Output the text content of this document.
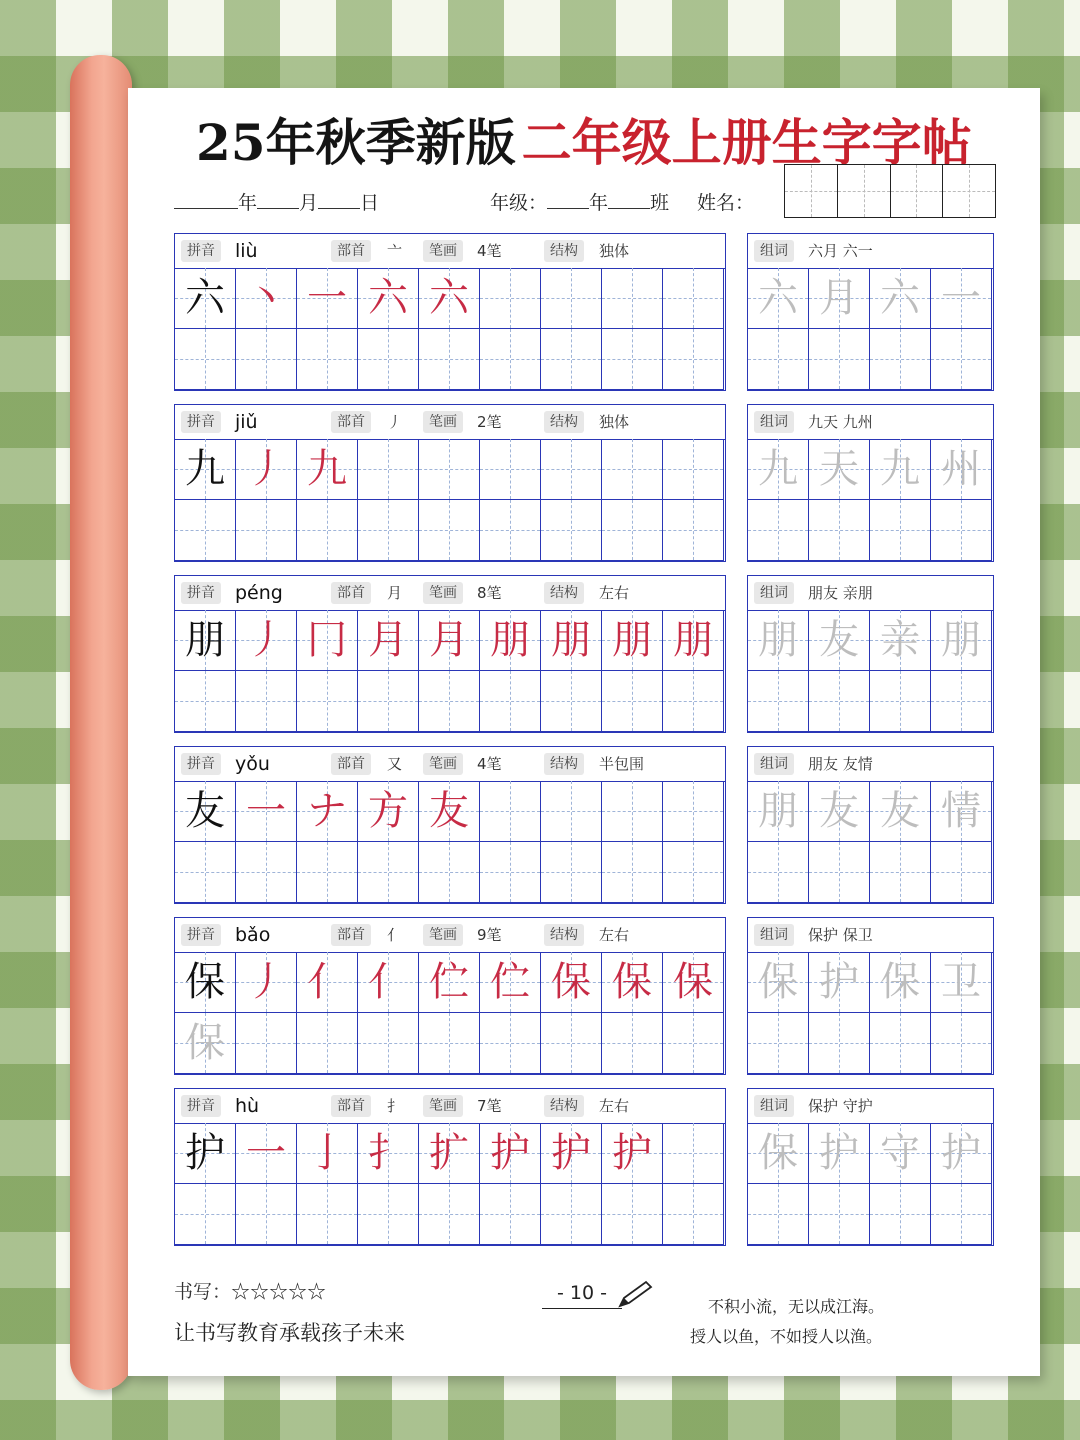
25年秋季新版 二年级上册生字字帖
年 月 日	年级： 年 班 姓名：
拼音	liù	部首	亠	笔画	4笔	结构	独体
六 丶 一 六 六
组词	六月 六一
六 月 六 一
拼音	jiǔ	部首	丿	笔画	2笔	结构	独体
九 丿 九
组词	九天 九州
九 天 九 州
拼音	péng	部首	月	笔画	8笔	结构	左右
朋 丿 冂 月 月 朋 朋 朋 朋
组词	朋友 亲朋
朋 友 亲 朋
拼音	yǒu	部首	又	笔画	4笔	结构	半包围
友 一 ナ 方 友
组词	朋友 友情
朋 友 友 情
拼音	bǎo	部首	亻	笔画	9笔	结构	左右
保 丿 亻 亻 伫 伫 保 保 保
保
组词	保护 保卫
保 护 保 卫
拼音	hù	部首	扌	笔画	7笔	结构	左右
护 一 亅 扌 扩 护 护 护
组词	保护 守护
保 护 守 护
书写：☆☆☆☆☆
让书写教育承载孩子未来
- 10 -
不积小流，无以成江海。
授人以鱼，不如授人以渔。
